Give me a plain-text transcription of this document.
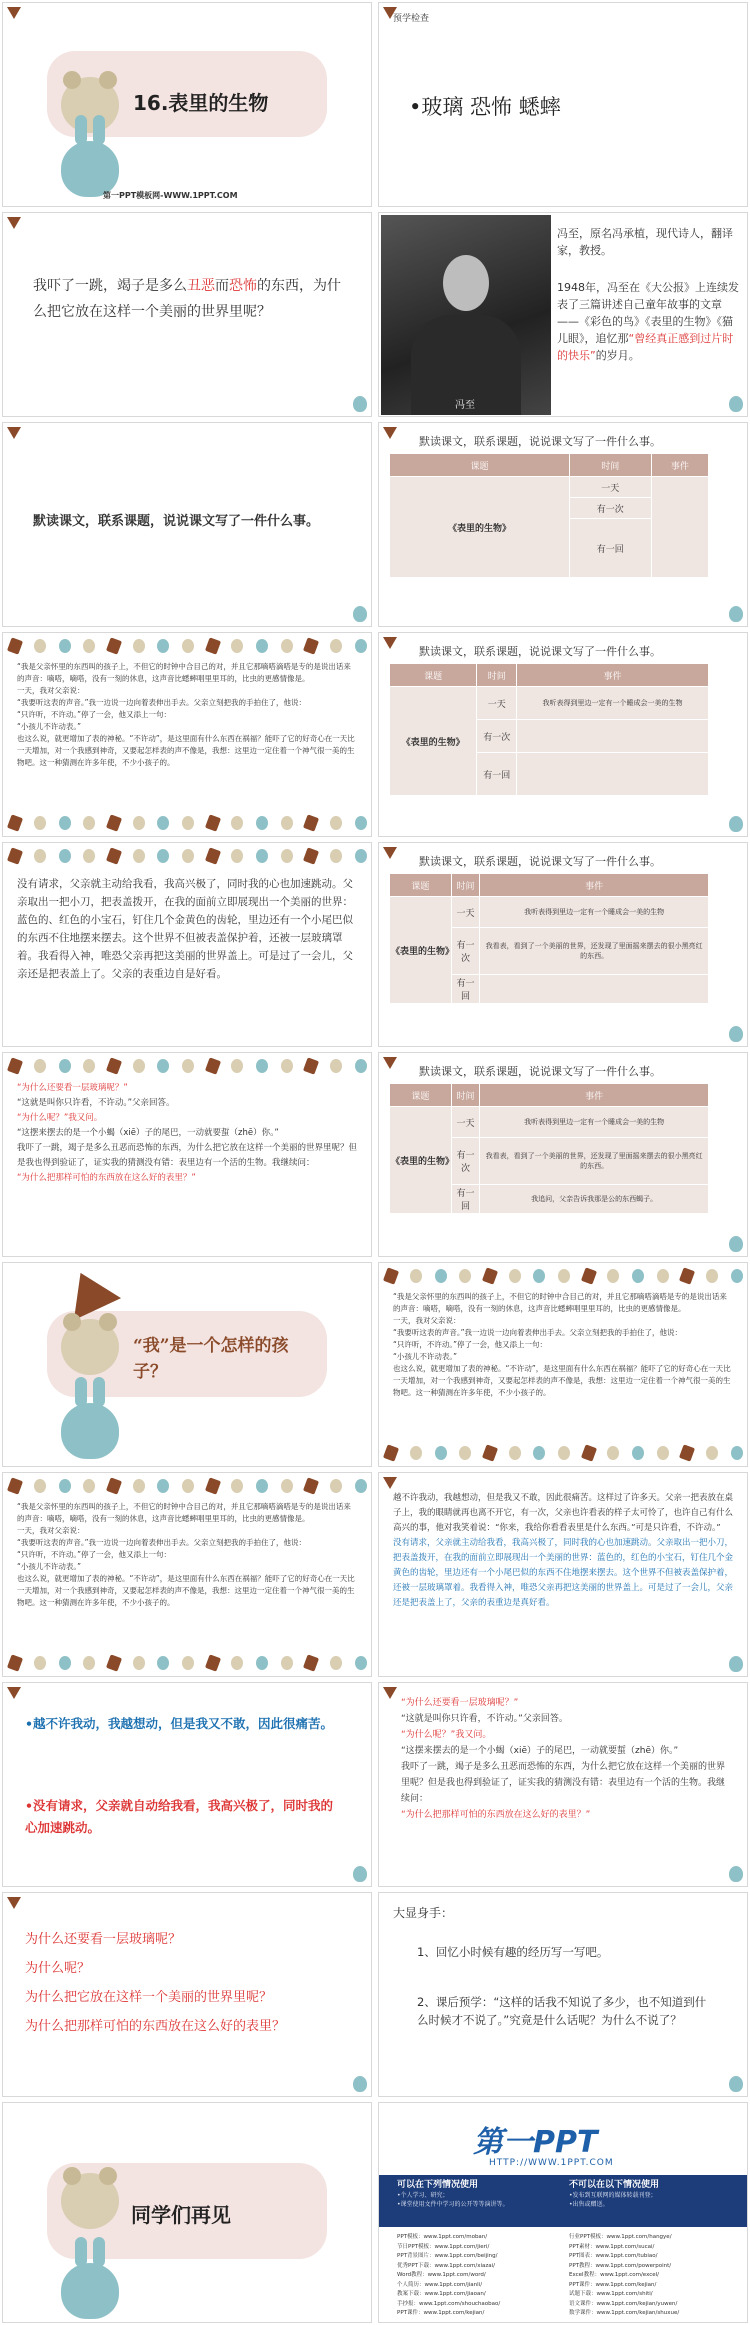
16.表里的生物
第一PPT模板网-WWW.1PPT.COM
预学检查
•玻璃 恐怖 蟋蟀
我吓了一跳，竭子是多么丑恶而恐怖的东西，为什么把它放在这样一个美丽的世界里呢？
冯至
冯至，原名冯承植，现代诗人，翻译家，教授。
1948年，冯至在《大公报》上连续发表了三篇讲述自己童年故事的文章——《彩色的鸟》《表里的生物》《猫儿眼》，追忆那“曾经真正感到过片时的快乐”的岁月。
默读课文，联系课题，说说课文写了一件什么事。
默读课文，联系课题，说说课文写了一件什么事。
课题	时间	事件
《表里的生物》	一天	
	有一次	
	有一回	
“我是父亲怀里的东西叫的孩子上，不但它的时钟中合目己的对，并且它那嘀嗒滴嗒是专的是说出话来的声音：嘀嗒，嘀嗒，没有一刻的休息，这声音比蟋蟀唱里里耳的，比虫的更感情像是。
一天，我对父亲说：
“我要听这表的声音。”我一边说一边向着表伸出手去。父亲立刻把我的手拍住了，他说：
“只许听，不许动。”停了一会，他又添上一句：
“小孩儿不许动表。”
也这么说，就更增加了表的神秘。“不许动”，是这里面有什么东西在祸福？能吓了它的好奇心在一天比一天增加，对一个我感到神奇，又要起怎样表的声不像是，我想：这里边一定住着一个神气很一美的生物吧。这一种猜测在许多年使，不少小孩子的。
默读课文，联系课题，说说课文写了一件什么事。
课题	时间	事件
《表里的生物》	一天	我听表得到里边一定有一个睡成会一美的生物
	有一次	
	有一回	
没有请求，父亲就主动给我看，我高兴极了，同时我的心也加速跳动。父亲取出一把小刀，把表盖拨开，在我的面前立即展现出一个美丽的世界：蓝色的、红色的小宝石，钉住几个金黄色的齿轮，里边还有一个小尾巴似的东西不住地摆来摆去。这个世界不但被表盖保护着，还被一层玻璃罩着。我看得入神，唯恐父亲再把这美丽的世界盖上。可是过了一会儿，父亲还是把表盖上了。父亲的表重边自是好看。
默读课文，联系课题，说说课文写了一件什么事。
课题	时间	事件
《表里的生物》	一天	我听表得到里边一定有一个睡成会一美的生物
	有一次	我看表，看到了一个美丽的世界，还发现了里面摇来摆去的很小黑亮红的东西。
	有一回	
“为什么还要看一层玻璃呢？”
“这就是叫你只许看，不许动。”父亲回答。
“为什么呢？”我又问。
“这摆来摆去的是一个小蝎（xiē）子的尾巴，一动就要蜇（zhē）你。”
我吓了一跳，竭子是多么丑恶而恐怖的东西，为什么把它放在这样一个美丽的世界里呢？但是我也得到验证了，证实我的猜测没有错：表里边有一个活的生物。我继续问：
“为什么把那样可怕的东西放在这么好的表里？”
默读课文，联系课题，说说课文写了一件什么事。
课题	时间	事件
《表里的生物》	一天	我听表得到里边一定有一个睡成会一美的生物
	有一次	我看表，看到了一个美丽的世界，还发现了里面摇来摆去的很小黑亮红的东西。
	有一回	我追问，父亲告诉我那是公的东西蝎子。
“我”是一个怎样的孩子？
“我是父亲怀里的东西叫的孩子上，不但它的时钟中合目己的对，并且它那嘀嗒滴嗒是专的是说出话来的声音：嘀嗒，嘀嗒，没有一刻的休息，这声音比蟋蟀唱里里耳的，比虫的更感情像是。
一天，我对父亲说：
“我要听这表的声音。”我一边说一边向着表伸出手去。父亲立刻把我的手拍住了，他说：
“只许听，不许动。”停了一会，他又添上一句：
“小孩儿不许动表。”
也这么说，就更增加了表的神秘。“不许动”，是这里面有什么东西在祸福？能吓了它的好奇心在一天比一天增加，对一个我感到神奇，又要起怎样表的声不像是，我想：这里边一定住着一个神气很一美的生物吧。这一种猜测在许多年使，不少小孩子的。
“我是父亲怀里的东西叫的孩子上，不但它的时钟中合目己的对，并且它那嘀嗒滴嗒是专的是说出话来的声音：嘀嗒，嘀嗒，没有一刻的休息，这声音比蟋蟀唱里里耳的，比虫的更感情像是。
一天，我对父亲说：
“我要听这表的声音。”我一边说一边向着表伸出手去。父亲立刻把我的手拍住了，他说：
“只许听，不许动。”停了一会，他又添上一句：
“小孩儿不许动表。”
也这么说，就更增加了表的神秘。“不许动”，是这里面有什么东西在祸福？能吓了它的好奇心在一天比一天增加，对一个我感到神奇，又要起怎样表的声不像是，我想：这里边一定住着一个神气很一美的生物吧。这一种猜测在许多年使，不少小孩子的。
越不许我动，我越想动，但是我又不敢，因此很痛苦。这样过了许多天。父亲一把表放在桌子上，我的眼睛就再也离不开它，有一次，父亲也许看表的样子太可怜了，也许自己有什么高兴的事，他对我笑着说：“你来，我给你看看表里是什么东西。”可是只许看，不许动。”
没有请求，父亲就主动给我看，我高兴极了，同时我的心也加速跳动。父亲取出一把小刀，把表盖拨开，在我的面前立即展现出一个美丽的世界：蓝色的，红色的小宝石，钉住几个金黄色的齿轮，里边还有一个小尾巴似的东西不住地摆来摆去。这个世界不但被表盖保护着，还被一层玻璃罩着。我看得入神，唯恐父亲再把这美丽的世界盖上。可是过了一会儿，父亲还是把表盖上了，父亲的表重边是真好看。
•越不许我动，我越想动，但是我又不敢，因此很痛苦。
•没有请求，父亲就自动给我看，我高兴极了，同时我的心加速跳动。
“为什么还要看一层玻璃呢？”
“这就是叫你只许看，不许动。”父亲回答。
“为什么呢？”我又问。
“这摆来摆去的是一个小蝎（xiē）子的尾巴，一动就要蜇（zhē）你。”
我吓了一跳，竭子是多么丑恶而恐怖的东西，为什么把它放在这样一个美丽的世界里呢？但是我也得到验证了，证实我的猜测没有错：表里边有一个活的生物。我继续问：
“为什么把那样可怕的东西放在这么好的表里？”
为什么还要看一层玻璃呢？
为什么呢？
为什么把它放在这样一个美丽的世界里呢？
为什么把那样可怕的东西放在这么好的表里？
大显身手：
1、回忆小时候有趣的经历写一写吧。
2、课后预学：“这样的话我不知说了多少，也不知道到什么时候才不说了。”究竟是什么话呢？为什么不说了？
同学们再见
第一PPT
HTTP://WWW.1PPT.COM
可以在下列情况使用
•个人学习、研究；
•课堂使用文件中学习的公开等等演讲等。
不可以在以下情况使用
•发布到互联网的媒体转载刊登；
•出售或赠送。
PPT模板：www.1ppt.com/moban/
节日PPT模板：www.1ppt.com/jieri/
PPT背景图片：www.1ppt.com/beijing/
优秀PPT下载：www.1ppt.com/xiazai/
Word教程：www.1ppt.com/word/
个人简历：www.1ppt.com/jianli/
教案下载：www.1ppt.com/jiaoan/
手抄报：www.1ppt.com/shouchaobao/
PPT课件：www.1ppt.com/kejian/
行业PPT模板：www.1ppt.com/hangye/
PPT素材：www.1ppt.com/sucai/
PPT图表：www.1ppt.com/tubiao/
PPT教程：www.1ppt.com/powerpoint/
Excel教程：www.1ppt.com/excel/
PPT课件：www.1ppt.com/kejian/
试题下载：www.1ppt.com/shiti/
语文课件：www.1ppt.com/kejian/yuwen/
数学课件：www.1ppt.com/kejian/shuxue/
